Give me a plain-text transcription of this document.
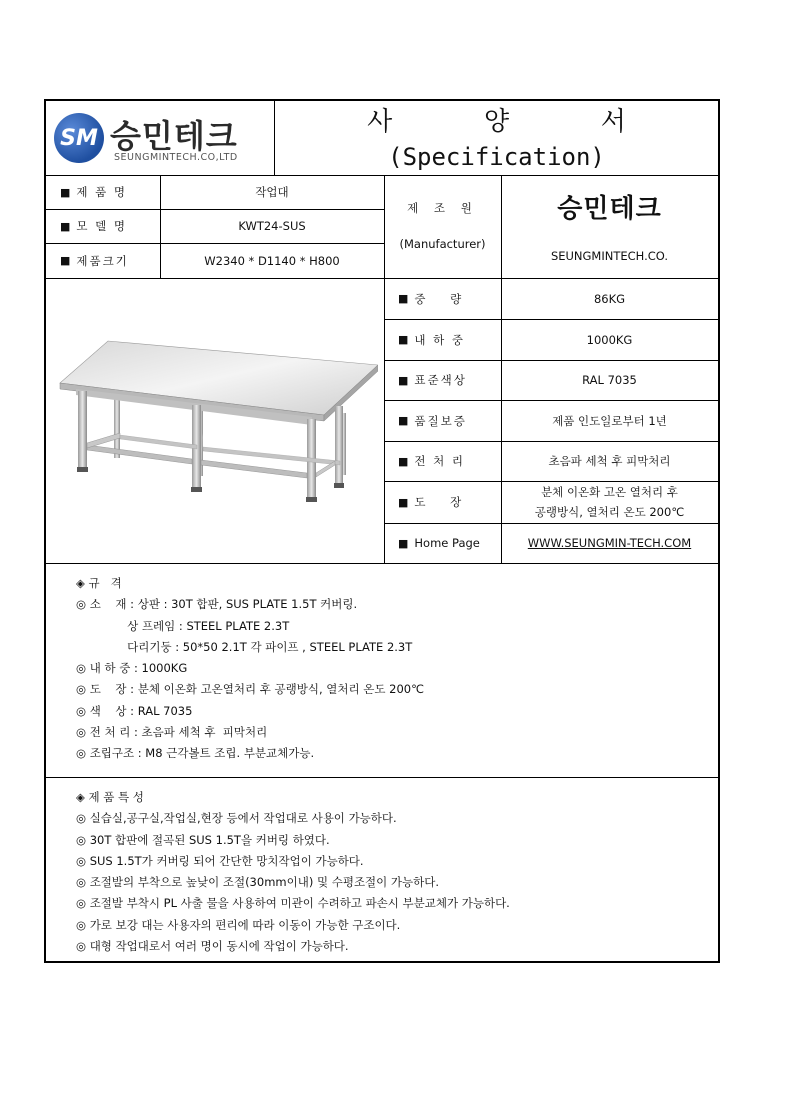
SM 승민테크
SEUNGMINTECH.CO,LTD
사 양 서
(Specification)
■ 제 품 명	작업대
■ 모 델 명	KWT24-SUS
■ 제품크기	W2340 * D1140 * H800
제 조 원
(Manufacturer)
승민테크
SEUNGMINTECH.CO.
■ 중    량	86KG
■ 내 하 중	1000KG
■ 표준색상	RAL 7035
■ 품질보증	제품 인도일로부터 1년
■ 전 처 리	초음파 세척 후 피막처리
■ 도    장
분체 이온화 고온 열처리 후
공랭방식, 열처리 온도 200℃
■ Home Page	WWW.SEUNGMIN-TECH.COM
◈ 규   격
◎ 소    재 : 상판 : 30T 합판, SUS PLATE 1.5T 커버링.
상 프레임 : STEEL PLATE 2.3T
다리기둥 : 50*50 2.1T 각 파이프 , STEEL PLATE 2.3T
◎ 내 하 중 : 1000KG
◎ 도    장 : 분체 이온화 고온열처리 후 공랭방식, 열처리 온도 200℃
◎ 색    상 : RAL 7035
◎ 전 처 리 : 초음파 세척 후  피막처리
◎ 조립구조 : M8 근각볼트 조립. 부분교체가능.
◈ 제 품 특 성
◎ 실습실,공구실,작업실,현장 등에서 작업대로 사용이 가능하다.
◎ 30T 합판에 절곡된 SUS 1.5T을 커버링 하였다.
◎ SUS 1.5T가 커버링 되어 간단한 망치작업이 가능하다.
◎ 조절발의 부착으로 높낮이 조절(30mm이내) 및 수평조절이 가능하다.
◎ 조절발 부착시 PL 사출 물을 사용하여 미관이 수려하고 파손시 부분교체가 가능하다.
◎ 가로 보강 대는 사용자의 편리에 따라 이동이 가능한 구조이다.
◎ 대형 작업대로서 여러 명이 동시에 작업이 가능하다.
